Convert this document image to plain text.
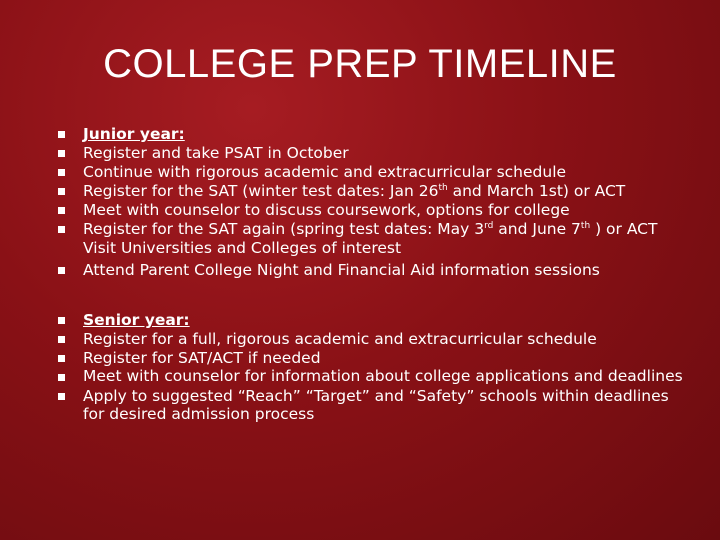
COLLEGE PREP TIMELINE
Junior year:
Register and take PSAT in October
Continue with rigorous academic and extracurricular schedule
Register for the SAT (winter test dates: Jan 26th and March 1st) or ACT
Meet with counselor to discuss coursework, options for college
Register for the SAT again (spring test dates: May 3rd and June 7th ) or ACT
Visit Universities and Colleges of interest
Attend Parent College Night and Financial Aid information sessions
Senior year:
Register for a full, rigorous academic and extracurricular schedule
Register for SAT/ACT if needed
Meet with counselor for information about college applications and deadlines
Apply to suggested “Reach” “Target” and “Safety” schools within deadlines for desired admission process
